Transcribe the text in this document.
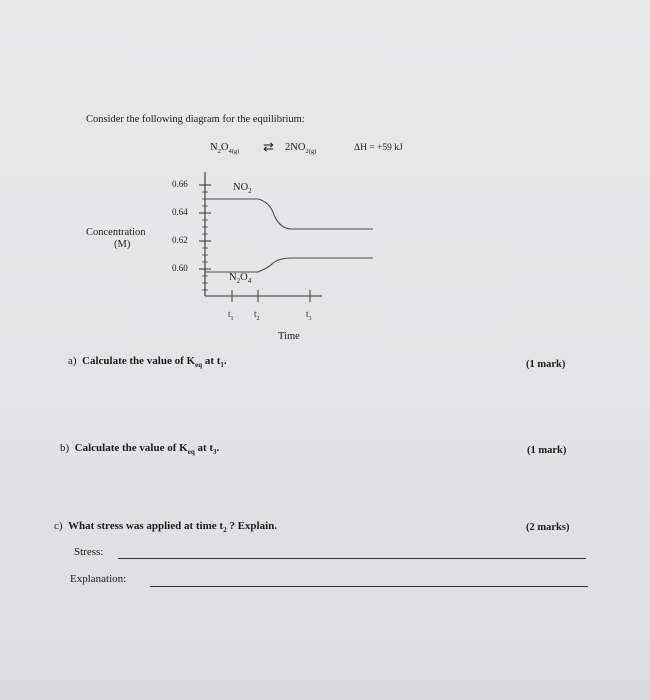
Consider the following diagram for the equilibrium:
$N_2O_{4(g)}$ ⇄ $2NO_{2(g)}$	ΔH = +59 kJ
0.66
0.64
0.62
0.60
Concentration
(M)
$NO_2$
$N_2O_4$
$t_1$ $t_2$	$t_3$
Time
a) Calculate the value of $K_{eq}$ at $t_1$.	(1 mark)
b) Calculate the value of $K_{eq}$ at $t_3$.	(1 mark)
c) What stress was applied at time $t_2$ ? Explain.	(2 marks)
Stress:
Explanation:
